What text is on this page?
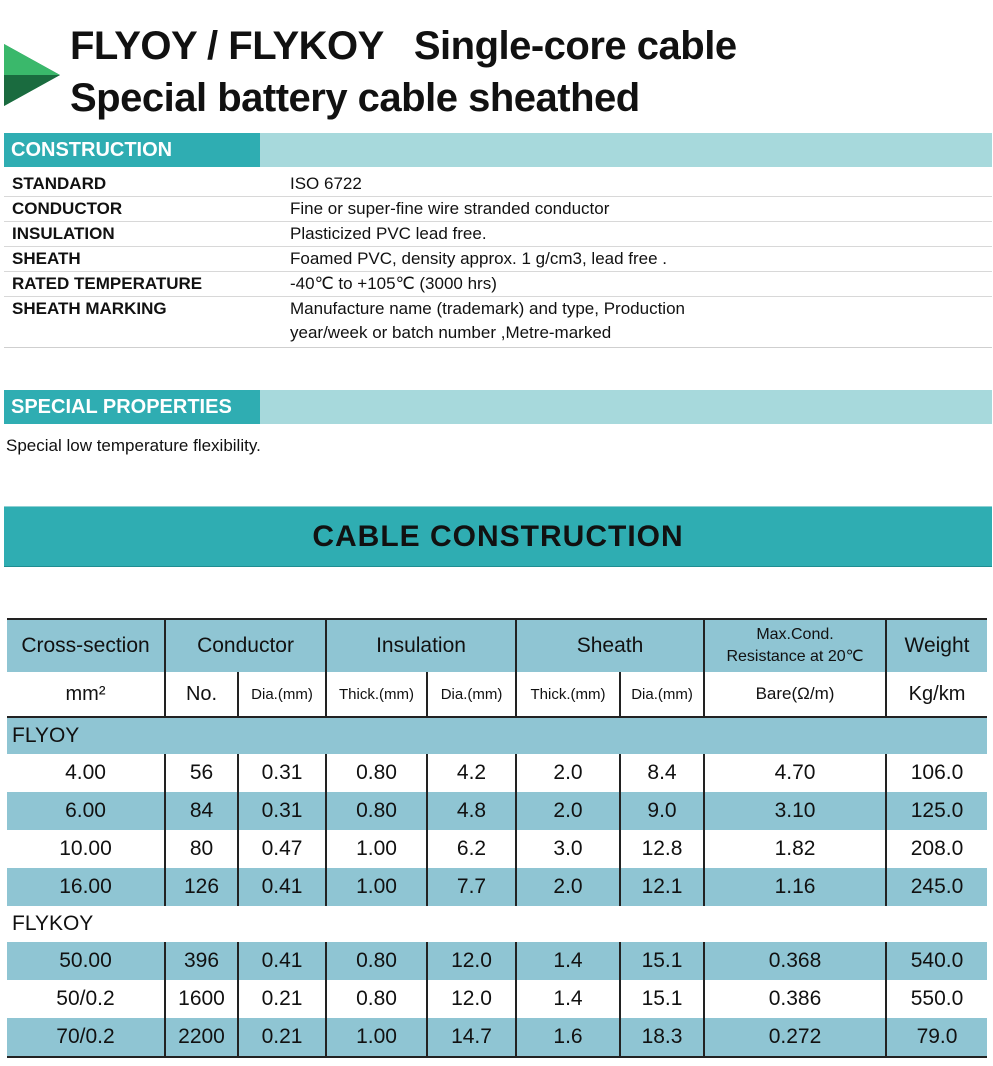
FLYOY / FLYKOY Single-core cable
Special battery cable sheathed
CONSTRUCTION
STANDARD	ISO 6722
CONDUCTOR	Fine or super-fine wire stranded conductor
INSULATION	Plasticized PVC lead free.
SHEATH	Foamed PVC, density approx. 1 g/cm3, lead free .
RATED TEMPERATURE	-40℃ to +105℃ (3000 hrs)
SHEATH MARKING	Manufacture name (trademark) and type, Production
year/week or batch number ,Metre-marked
SPECIAL PROPERTIES
Special low temperature flexibility.
CABLE CONSTRUCTION
Cross-section	Conductor		Insulation		Sheath		Max.Cond.
Resistance at 20℃	Weight
mm²	No.	Dia.(mm)	Thick.(mm)	Dia.(mm)	Thick.(mm)	Dia.(mm)	Bare(Ω/m)	Kg/km
FLYOY								
4.00	56	0.31	0.80	4.2	2.0	8.4	4.70	106.0
6.00	84	0.31	0.80	4.8	2.0	9.0	3.10	125.0
10.00	80	0.47	1.00	6.2	3.0	12.8	1.82	208.0
16.00	126	0.41	1.00	7.7	2.0	12.1	1.16	245.0
FLYKOY								
50.00	396	0.41	0.80	12.0	1.4	15.1	0.368	540.0
50/0.2	1600	0.21	0.80	12.0	1.4	15.1	0.386	550.0
70/0.2	2200	0.21	1.00	14.7	1.6	18.3	0.272	79.0
